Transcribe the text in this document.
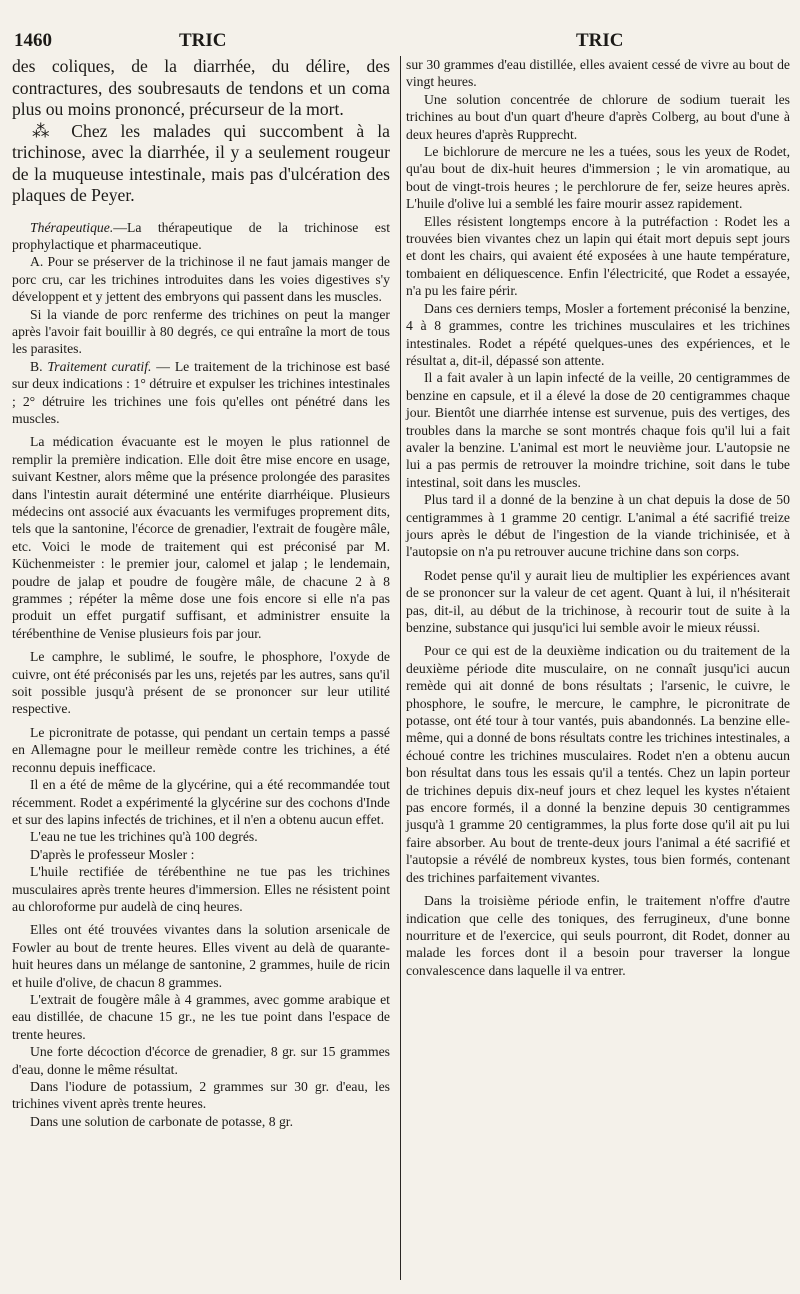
1460	TRIC	TRIC

des coliques, de la diarrhée, du délire, des contractures, des soubresauts de tendons et un coma plus ou moins prononcé, précurseur de la mort.

⁂ Chez les malades qui succombent à la trichinose, avec la diarrhée, il y a seulement rougeur de la muqueuse intestinale, mais pas d'ulcération des plaques de Peyer.

Thérapeutique.—La thérapeutique de la trichinose est prophylactique et pharmaceutique.

A. Pour se préserver de la trichinose il ne faut jamais manger de porc cru, car les trichines introduites dans les voies digestives s'y développent et y jettent des embryons qui passent dans les muscles.

Si la viande de porc renferme des trichines on peut la manger après l'avoir fait bouillir à 80 degrés, ce qui entraîne la mort de tous les parasites.

B. Traitement curatif. — Le traitement de la trichinose est basé sur deux indications : 1° détruire et expulser les trichines intestinales ; 2° détruire les trichines une fois qu'elles ont pénétré dans les muscles.

La médication évacuante est le moyen le plus rationnel de remplir la première indication. Elle doit être mise encore en usage, suivant Kestner, alors même que la présence prolongée des parasites dans l'intestin aurait déterminé une entérite diarrhéique. Plusieurs médecins ont associé aux évacuants les vermifuges proprement dits, tels que la santonine, l'écorce de grenadier, l'extrait de fougère mâle, etc. Voici le mode de traitement qui est préconisé par M. Küchenmeister : le premier jour, calomel et jalap ; le lendemain, poudre de jalap et poudre de fougère mâle, de chacune 2 à 8 grammes ; répéter la même dose une fois encore si elle n'a pas produit un effet purgatif suffisant, et administrer ensuite la térébenthine de Venise plusieurs fois par jour.

Le camphre, le sublimé, le soufre, le phosphore, l'oxyde de cuivre, ont été préconisés par les uns, rejetés par les autres, sans qu'il soit possible jusqu'à présent de se prononcer sur leur utilité respective.

Le picronitrate de potasse, qui pendant un certain temps a passé en Allemagne pour le meilleur remède contre les trichines, a été reconnu depuis inefficace.

Il en a été de même de la glycérine, qui a été recommandée tout récemment. Rodet a expérimenté la glycérine sur des cochons d'Inde et sur des lapins infectés de trichines, et il n'en a obtenu aucun effet.

L'eau ne tue les trichines qu'à 100 degrés.

D'après le professeur Mosler :

L'huile rectifiée de térébenthine ne tue pas les trichines musculaires après trente heures d'immersion. Elles ne résistent point au chloroforme pur audelà de cinq heures.

Elles ont été trouvées vivantes dans la solution arsenicale de Fowler au bout de trente heures. Elles vivent au delà de quarante-huit heures dans un mélange de santonine, 2 grammes, huile de ricin et huile d'olive, de chacun 8 grammes.

L'extrait de fougère mâle à 4 grammes, avec gomme arabique et eau distillée, de chacune 15 gr., ne les tue point dans l'espace de trente heures.

Une forte décoction d'écorce de grenadier, 8 gr. sur 15 grammes d'eau, donne le même résultat.

Dans l'iodure de potassium, 2 grammes sur 30 gr. d'eau, les trichines vivent après trente heures.

Dans une solution de carbonate de potasse, 8 gr.

sur 30 grammes d'eau distillée, elles avaient cessé de vivre au bout de vingt heures.

Une solution concentrée de chlorure de sodium tuerait les trichines au bout d'un quart d'heure d'après Colberg, au bout d'une à deux heures d'après Rupprecht.

Le bichlorure de mercure ne les a tuées, sous les yeux de Rodet, qu'au bout de dix-huit heures d'immersion ; le vin aromatique, au bout de vingt-trois heures ; le perchlorure de fer, seize heures après. L'huile d'olive lui a semblé les faire mourir assez rapidement.

Elles résistent longtemps encore à la putréfaction : Rodet les a trouvées bien vivantes chez un lapin qui était mort depuis sept jours et dont les chairs, qui avaient été exposées à une haute température, tombaient en déliquescence. Enfin l'électricité, que Rodet a essayée, n'a pu les faire périr.

Dans ces derniers temps, Mosler a fortement préconisé la benzine, 4 à 8 grammes, contre les trichines musculaires et les trichines intestinales. Rodet a répété quelques-unes des expériences, et le résultat a, dit-il, dépassé son attente.

Il a fait avaler à un lapin infecté de la veille, 20 centigrammes de benzine en capsule, et il a élevé la dose de 20 centigrammes chaque jour. Bientôt une diarrhée intense est survenue, puis des vertiges, des troubles dans la marche se sont montrés chaque fois qu'il lui a fait avaler la benzine. L'animal est mort le neuvième jour. L'autopsie ne lui a pas permis de retrouver la moindre trichine, soit dans le tube intestinal, soit dans les muscles.

Plus tard il a donné de la benzine à un chat depuis la dose de 50 centigrammes à 1 gramme 20 centigr. L'animal a été sacrifié treize jours après le début de l'ingestion de la viande trichinisée, et à l'autopsie on n'a pu retrouver aucune trichine dans son corps.

Rodet pense qu'il y aurait lieu de multiplier les expériences avant de se prononcer sur la valeur de cet agent. Quant à lui, il n'hésiterait pas, dit-il, au début de la trichinose, à recourir tout de suite à la benzine, substance qui jusqu'ici lui semble avoir le mieux réussi.

Pour ce qui est de la deuxième indication ou du traitement de la deuxième période dite musculaire, on ne connaît jusqu'ici aucun remède qui ait donné de bons résultats ; l'arsenic, le cuivre, le phosphore, le soufre, le mercure, le camphre, le picronitrate de potasse, ont été tour à tour vantés, puis abandonnés. La benzine elle-même, qui a donné de bons résultats contre les trichines intestinales, a échoué contre les trichines musculaires. Rodet n'en a obtenu aucun bon résultat dans tous les essais qu'il a tentés. Chez un lapin porteur de trichines depuis dix-neuf jours et chez lequel les kystes n'étaient pas encore formés, il a donné la benzine depuis 30 centigrammes jusqu'à 1 gramme 20 centigrammes, la plus forte dose qu'il ait pu lui faire absorber. Au bout de trente-deux jours l'animal a été sacrifié et l'autopsie a révélé de nombreux kystes, tous bien formés, contenant des trichines parfaitement vivantes.

Dans la troisième période enfin, le traitement n'offre d'autre indication que celle des toniques, des ferrugineux, d'une bonne nourriture et de l'exercice, qui seuls pourront, dit Rodet, donner au malade les forces dont il a besoin pour traverser la longue convalescence dans laquelle il va entrer.
